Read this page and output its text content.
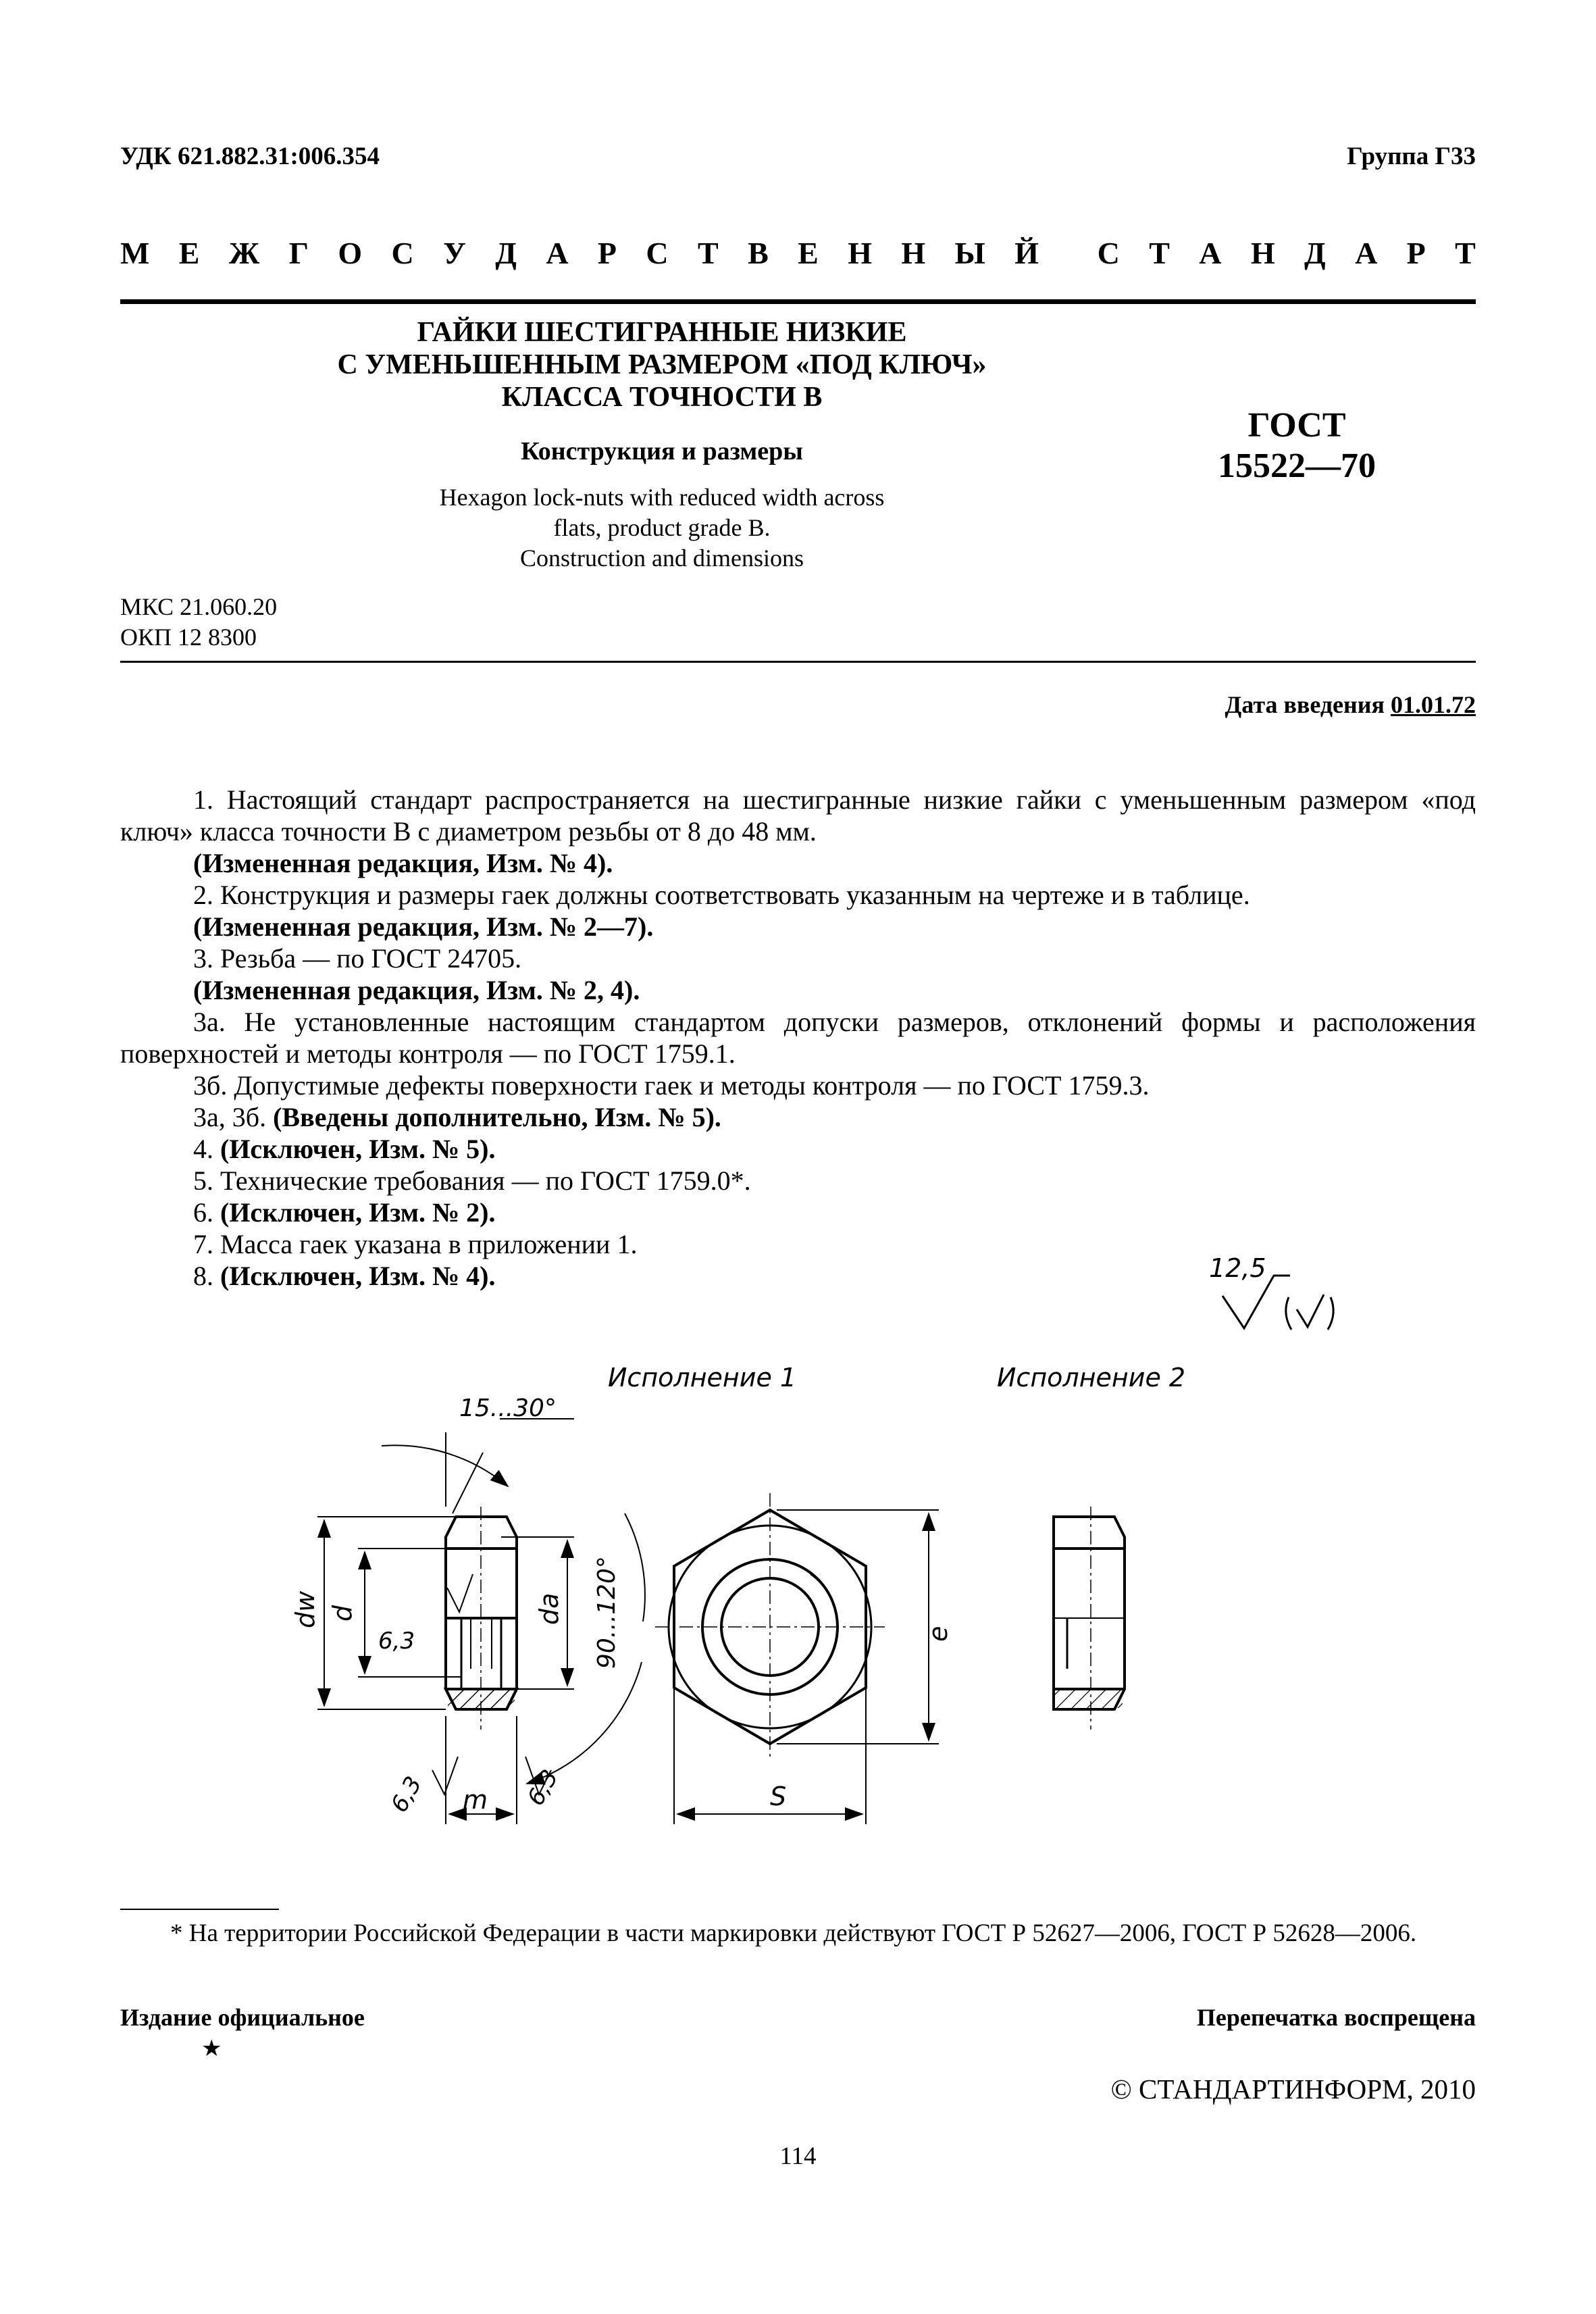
УДК 621.882.31:006.354	Группа Г33
М Е Ж Г О С У Д А Р С Т В Е Н Н Ы Й С Т А Н Д А Р Т
ГАЙКИ ШЕСТИГРАННЫЕ НИЗКИЕ
С УМЕНЬШЕННЫМ РАЗМЕРОМ «ПОД КЛЮЧ»
КЛАССА ТОЧНОСТИ В
Конструкция и размеры
Hexagon lock-nuts with reduced width across
flats, product grade B.
Construction and dimensions
ГОСТ
15522—70
МКС 21.060.20
ОКП 12 8300
Дата введения 01.01.72

1. Настоящий стандарт распространяется на шестигранные низкие гайки с уменьшенным размером «под ключ» класса точности В с диаметром резьбы от 8 до 48 мм.

(Измененная редакция, Изм. № 4).

2. Конструкция и размеры гаек должны соответствовать указанным на чертеже и в таблице.

(Измененная редакция, Изм. № 2—7).

3. Резьба — по ГОСТ 24705.

(Измененная редакция, Изм. № 2, 4).

3а. Не установленные настоящим стандартом допуски размеров, отклонений формы и расположения поверхностей и методы контроля — по ГОСТ 1759.1.

3б. Допустимые дефекты поверхности гаек и методы контроля — по ГОСТ 1759.3.

3а, 3б. (Введены дополнительно, Изм. № 5).

4. (Исключен, Изм. № 5).

5. Технические требования — по ГОСТ 1759.0*.

6. (Исключен, Изм. № 2).

7. Масса гаек указана в приложении 1.

8. (Исключен, Изм. № 4).	12,5
Исполнение 1	Исполнение 2
15...30°
dw d	da 90...120°
6,3
6,3	6,3
m
e
S

* На территории Российской Федерации в части маркировки действуют ГОСТ Р 52627—2006, ГОСТ Р 52628—2006.

Издание официальное
★
Перепечатка воспрещена
© СТАНДАРТИНФОРМ, 2010
114
